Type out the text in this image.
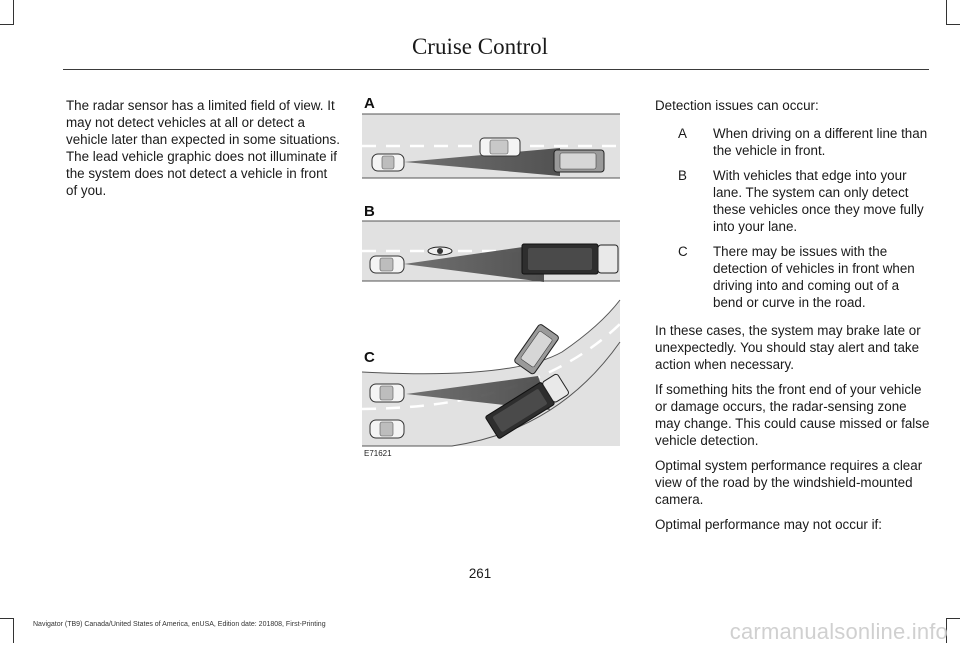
Cruise Control

The radar sensor has a limited field of view. It may not detect vehicles at all or detect a vehicle later than expected in some situations. The lead vehicle graphic does not illuminate if the system does not detect a vehicle in front of you.

A
B
C
E71621

Detection issues can occur:

A	When driving on a different line than the vehicle in front.
B	With vehicles that edge into your lane. The system can only detect these vehicles once they move fully into your lane.
C	There may be issues with the detection of vehicles in front when driving into and coming out of a bend or curve in the road.

In these cases, the system may brake late or unexpectedly. You should stay alert and take action when necessary.

If something hits the front end of your vehicle or damage occurs, the radar-sensing zone may change. This could cause missed or false vehicle detection.

Optimal system performance requires a clear view of the road by the windshield-mounted camera.

Optimal performance may not occur if:

261
Navigator (TB9) Canada/United States of America, enUSA, Edition date: 201808, First-Printing	carmanualsonline.info
